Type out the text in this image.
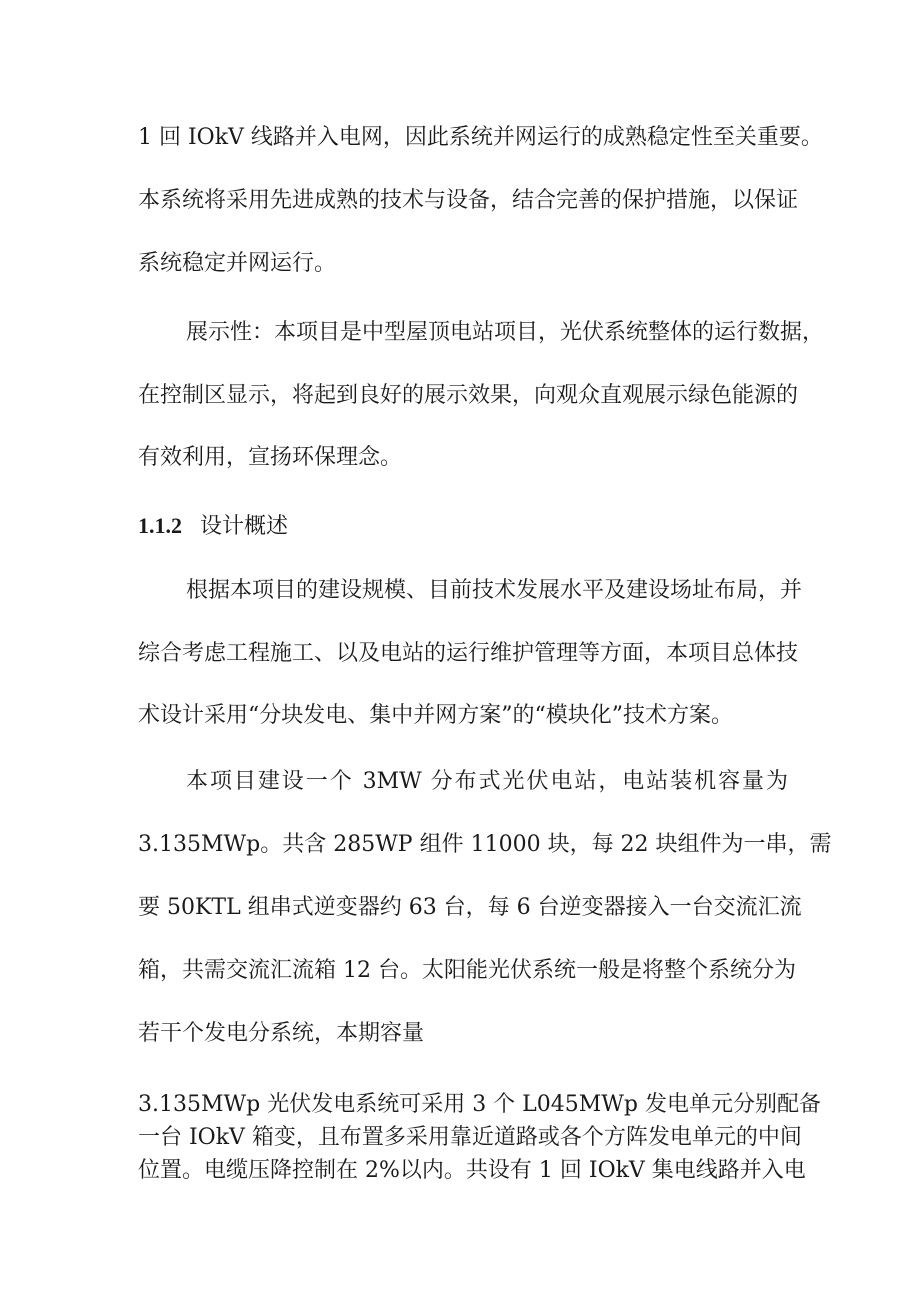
1 回 IOkV 线路并入电网，因此系统并网运行的成熟稳定性至关重要。
本系统将采用先进成熟的技术与设备，结合完善的保护措施，以保证
系统稳定并网运行。
展示性：本项目是中型屋顶电站项目，光伏系统整体的运行数据，
在控制区显示，将起到良好的展示效果，向观众直观展示绿色能源的
有效利用，宣扬环保理念。
1.1.2 设计概述
根据本项目的建设规模、目前技术发展水平及建设场址布局，并
综合考虑工程施工、以及电站的运行维护管理等方面，本项目总体技
术设计采用“分块发电、集中并网方案”的“模块化”技术方案。
本项目建设一个 3MW 分布式光伏电站，电站装机容量为
3.135MWp。共含 285WP 组件 11000 块，每 22 块组件为一串，需
要 50KTL 组串式逆变器约 63 台，每 6 台逆变器接入一台交流汇流
箱，共需交流汇流箱 12 台。太阳能光伏系统一般是将整个系统分为
若干个发电分系统，本期容量
3.135MWp 光伏发电系统可采用 3 个 L045MWp 发电单元分别配备
一台 IOkV 箱变，且布置多采用靠近道路或各个方阵发电单元的中间
位置。电缆压降控制在 2%以内。共设有 1 回 IOkV 集电线路并入电
